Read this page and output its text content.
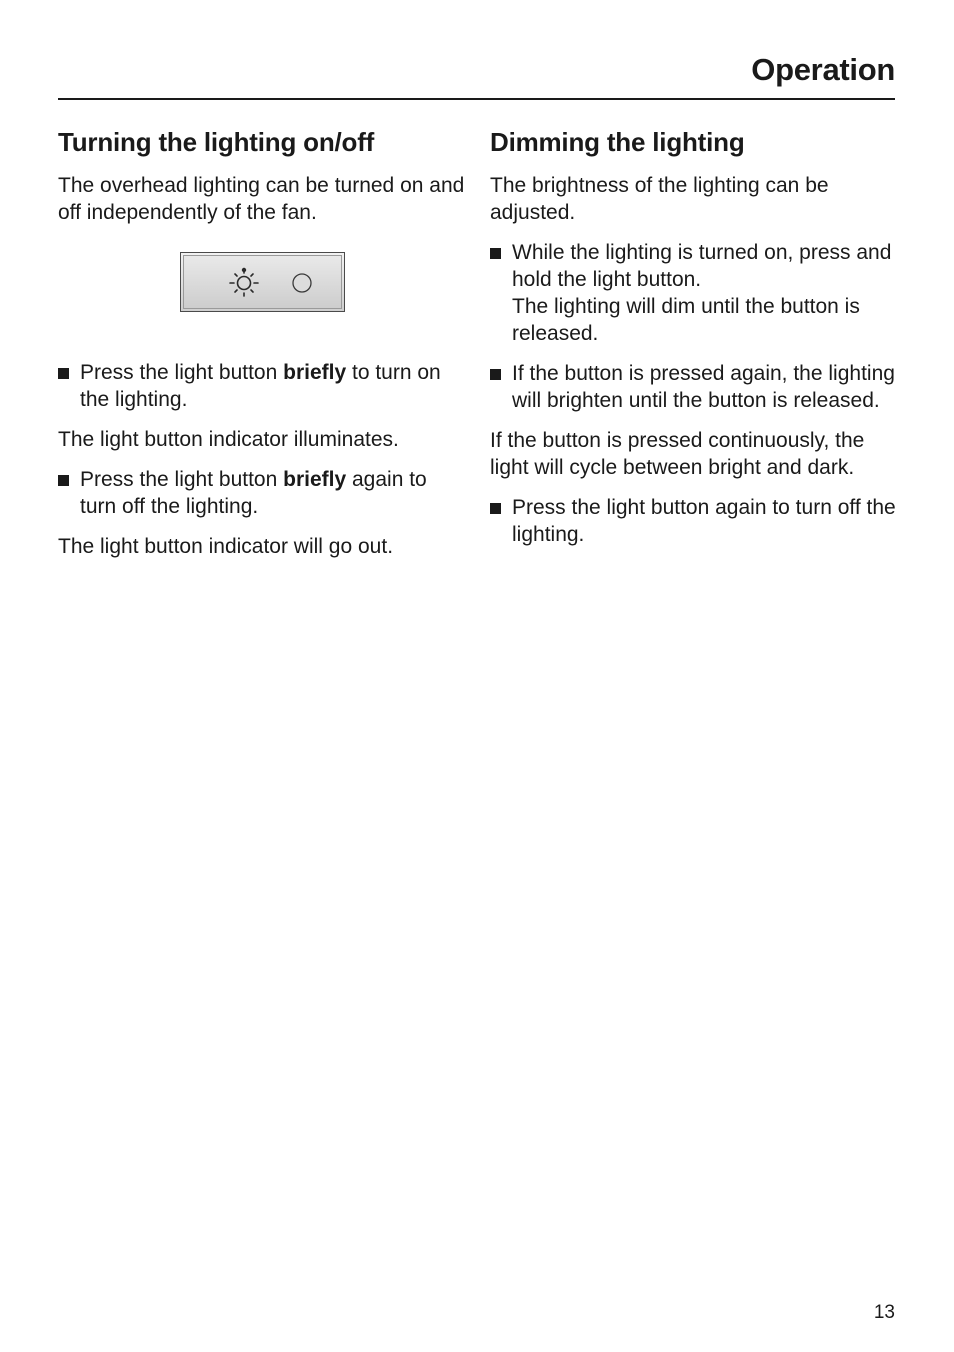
Operation
Turning the lighting on/off

The overhead lighting can be turned on and off independently of the fan.

Press the light button briefly to turn on the lighting.

The light button indicator illuminates.

Press the light button briefly again to turn off the lighting.

The light button indicator will go out.

Dimming the lighting

The brightness of the lighting can be adjusted.

While the lighting is turned on, press and hold the light button.
The lighting will dim until the button is released.
If the button is pressed again, the lighting will brighten until the button is released.

If the button is pressed continuously, the light will cycle between bright and dark.

Press the light button again to turn off the lighting.
13
